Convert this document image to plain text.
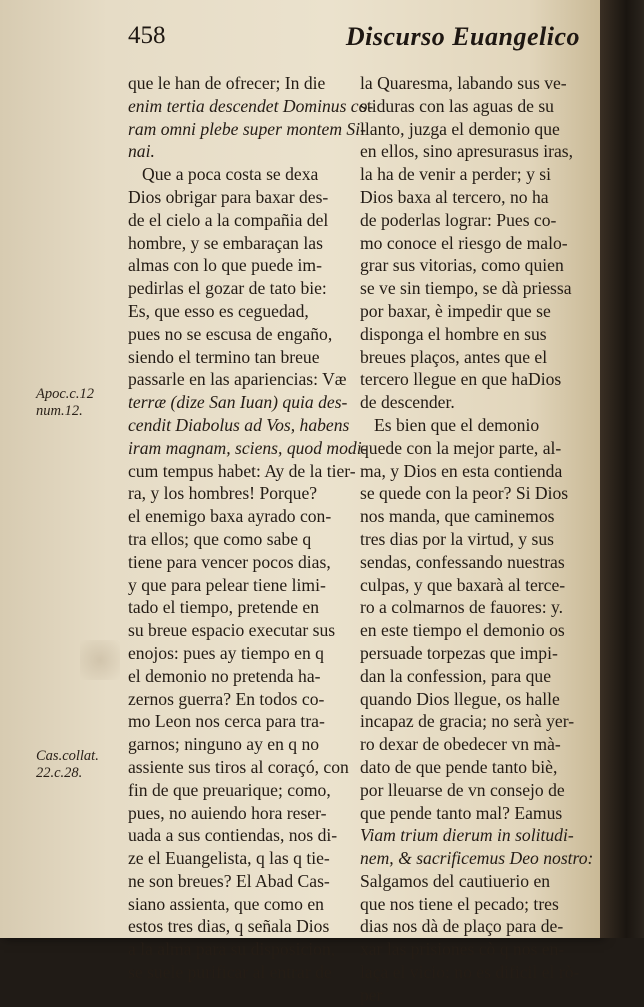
458	Discurso Euangelico
Apoc.c.12
num.12.
Cas.collat.
22.c.28.
que le han de ofrecer; In die
enim tertia descendet Dominus co-
ram omni plebe super montem Si-
nai.
Que a poca costa se dexa
Dios obrigar para baxar des-
de el cielo a la compañia del
hombre, y se embaraçan las
almas con lo que puede im-
pedirlas el gozar de tato bie:
Es, que esso es ceguedad,
pues no se escusa de engaño,
siendo el termino tan breue
passarle en las apariencias: Væ
terræ (dize San Iuan) quia des-
cendit Diabolus ad Vos, habens
iram magnam, sciens, quod modi-
cum tempus habet: Ay de la tier-
ra, y los hombres! Porque?
el enemigo baxa ayrado con-
tra ellos; que como sabe q
tiene para vencer pocos dias,
y que para pelear tiene limi-
tado el tiempo, pretende en
su breue espacio executar sus
enojos: pues ay tiempo en q
el demonio no pretenda ha-
zernos guerra? En todos co-
mo Leon nos cerca para tra-
garnos; ninguno ay en q no
assiente sus tiros al coraçó, con
fin de que preuarique; como,
pues, no auiendo hora reser-
uada a sus contiendas, nos di-
ze el Euangelista, q las q tie-
ne son breues? El Abad Cas-
siano assienta, que como en
estos tres dias, q señala Dios
a la alma para su disposicion,
se suele purificar al entrar de
la Quaresma, labando sus ve-
stiduras con las aguas de su
llanto, juzga el demonio que
en ellos, sino apresurasus iras,
la ha de venir a perder; y si
Dios baxa al tercero, no ha
de poderlas lograr: Pues co-
mo conoce el riesgo de malo-
grar sus vitorias, como quien
se ve sin tiempo, se dà priessa
por baxar, è impedir que se
disponga el hombre en sus
breues plaços, antes que el
tercero llegue en que haDios
de descender.
Es bien que el demonio
quede con la mejor parte, al-
ma, y Dios en esta contienda
se quede con la peor? Si Dios
nos manda, que caminemos
tres dias por la virtud, y sus
sendas, confessando nuestras
culpas, y que baxarà al terce-
ro a colmarnos de fauores: y.
en este tiempo el demonio os
persuade torpezas que impi-
dan la confession, para que
quando Dios llegue, os halle
incapaz de gracia; no serà yer-
ro dexar de obedecer vn mà-
dato de que pende tanto biè,
por lleuarse de vn consejo de
que pende tanto mal? Eamus
Viam trium dierum in solitudi-
nem, & sacrificemus Deo nostro:
Salgamos del cautiuerio en
que nos tiene el pecado; tres
dias nos dà de plaço para de-
xar las prisiones cò q nos en-
laça el vicio: no es dificil el rò-
per
